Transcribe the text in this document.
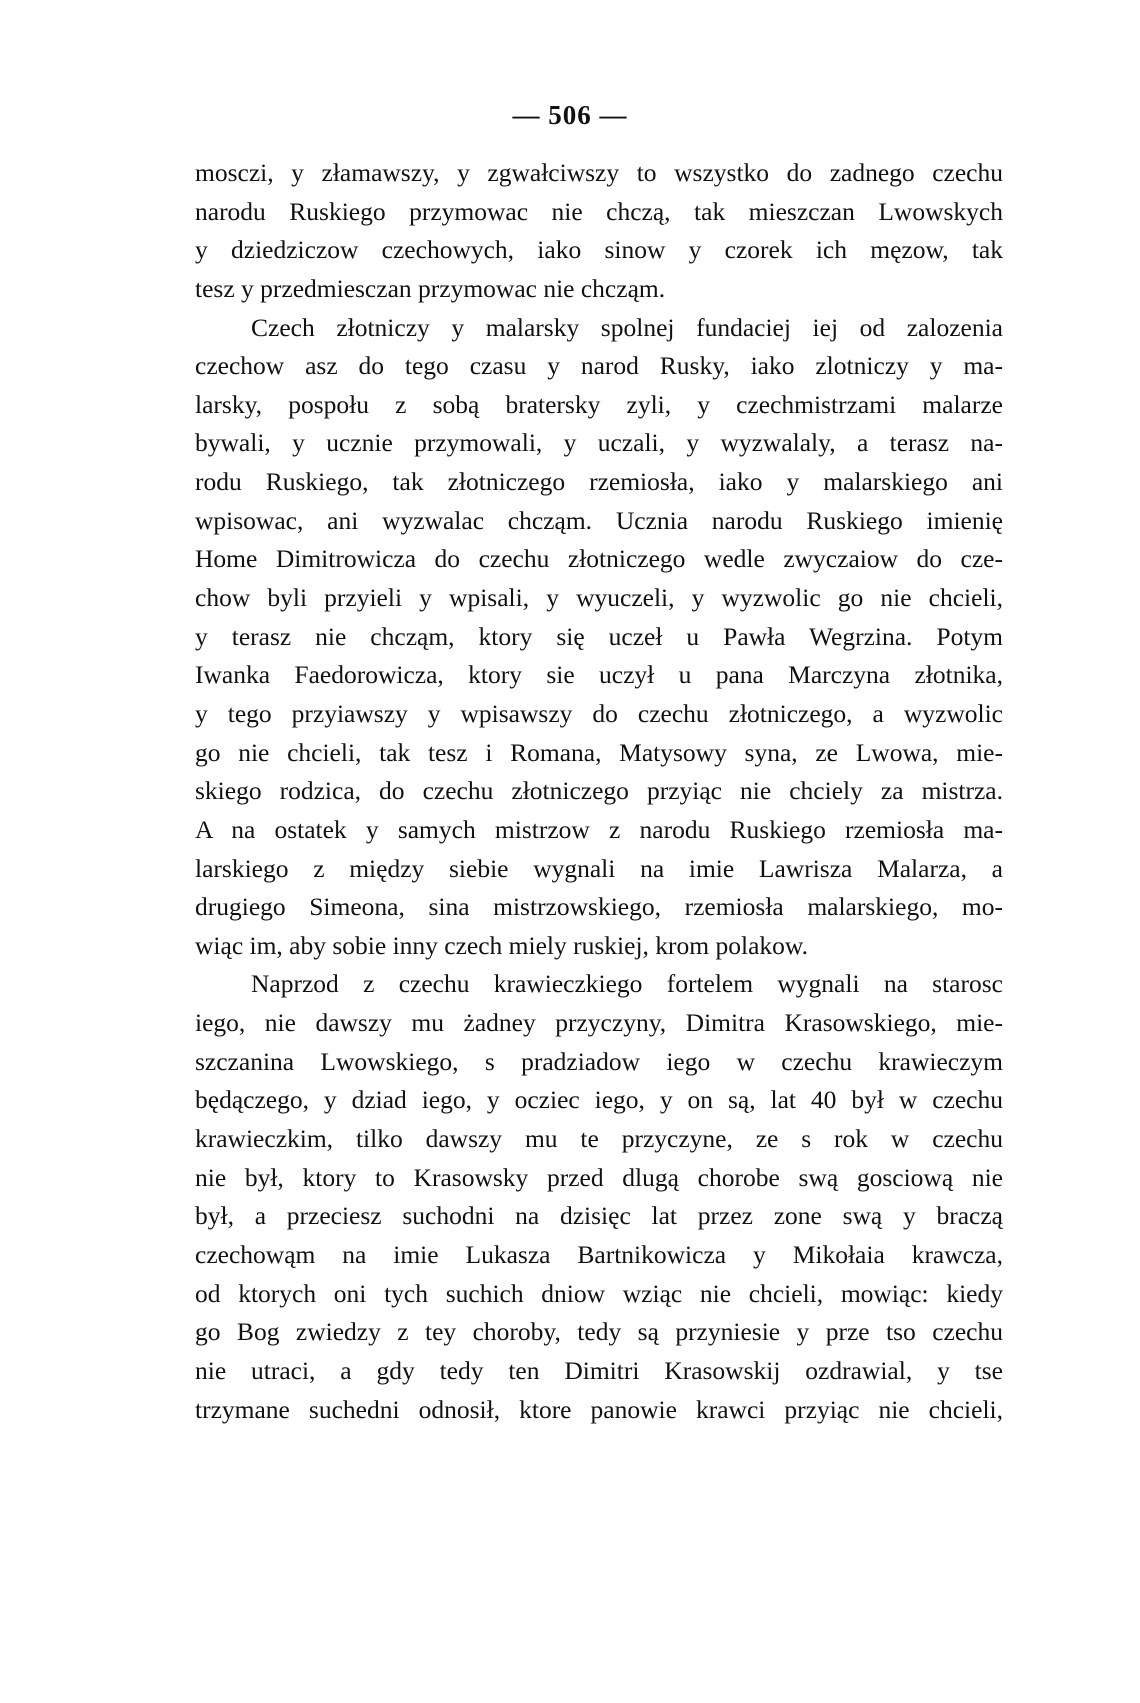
— 506 —
mosczi, y złamawszy, y zgwałciwszy to wszystko do zadnego czechu
narodu Ruskiego przymowac nie chczą, tak mieszczan Lwowskych
y dziedziczow czechowych, iako sinow y czorek ich męzow, tak
tesz y przedmiesczan przymowac nie chcząm.
Czech złotniczy y malarsky spolnej fundaciej iej od zalozenia
czechow asz do tego czasu y narod Rusky, iako zlotniczy y ma-
larsky, pospołu z sobą bratersky zyli, y czechmistrzami malarze
bywali, y ucznie przymowali, y uczali, y wyzwalaly, a terasz na-
rodu Ruskiego, tak złotniczego rzemiosła, iako y malarskiego ani
wpisowac, ani wyzwalac chcząm. Ucznia narodu Ruskiego imienię
Home Dimitrowicza do czechu złotniczego wedle zwyczaiow do cze-
chow byli przyieli y wpisali, y wyuczeli, y wyzwolic go nie chcieli,
y terasz nie chcząm, ktory się uczeł u Pawła Wegrzina. Potym
Iwanka Faedorowicza, ktory sie uczył u pana Marczyna złotnika,
y tego przyiawszy y wpisawszy do czechu złotniczego, a wyzwolic
go nie chcieli, tak tesz i Romana, Matysowy syna, ze Lwowa, mie-
skiego rodzica, do czechu złotniczego przyiąc nie chciely za mistrza.
A na ostatek y samych mistrzow z narodu Ruskiego rzemiosła ma-
larskiego z między siebie wygnali na imie Lawrisza Malarza, a
drugiego Simeona, sina mistrzowskiego, rzemiosła malarskiego, mo-
wiąc im, aby sobie inny czech miely ruskiej, krom polakow.
Naprzod z czechu krawieczkiego fortelem wygnali na starosc
iego, nie dawszy mu żadney przyczyny, Dimitra Krasowskiego, mie-
szczanina Lwowskiego, s pradziadow iego w czechu krawieczym
będączego, y dziad iego, y ocziec iego, y on są, lat 40 był w czechu
krawieczkim, tilko dawszy mu te przyczyne, ze s rok w czechu
nie był, ktory to Krasowsky przed dlugą chorobe swą gosciową nie
był, a przeciesz suchodni na dzisięc lat przez zone swą y braczą
czechowąm na imie Lukasza Bartnikowicza y Mikołaia krawcza,
od ktorych oni tych suchich dniow wziąc nie chcieli, mowiąc: kiedy
go Bog zwiedzy z tey choroby, tedy są przyniesie y prze tso czechu
nie utraci, a gdy tedy ten Dimitri Krasowskij ozdrawial, y tse
trzymane suchedni odnosił, ktore panowie krawci przyiąc nie chcieli,
